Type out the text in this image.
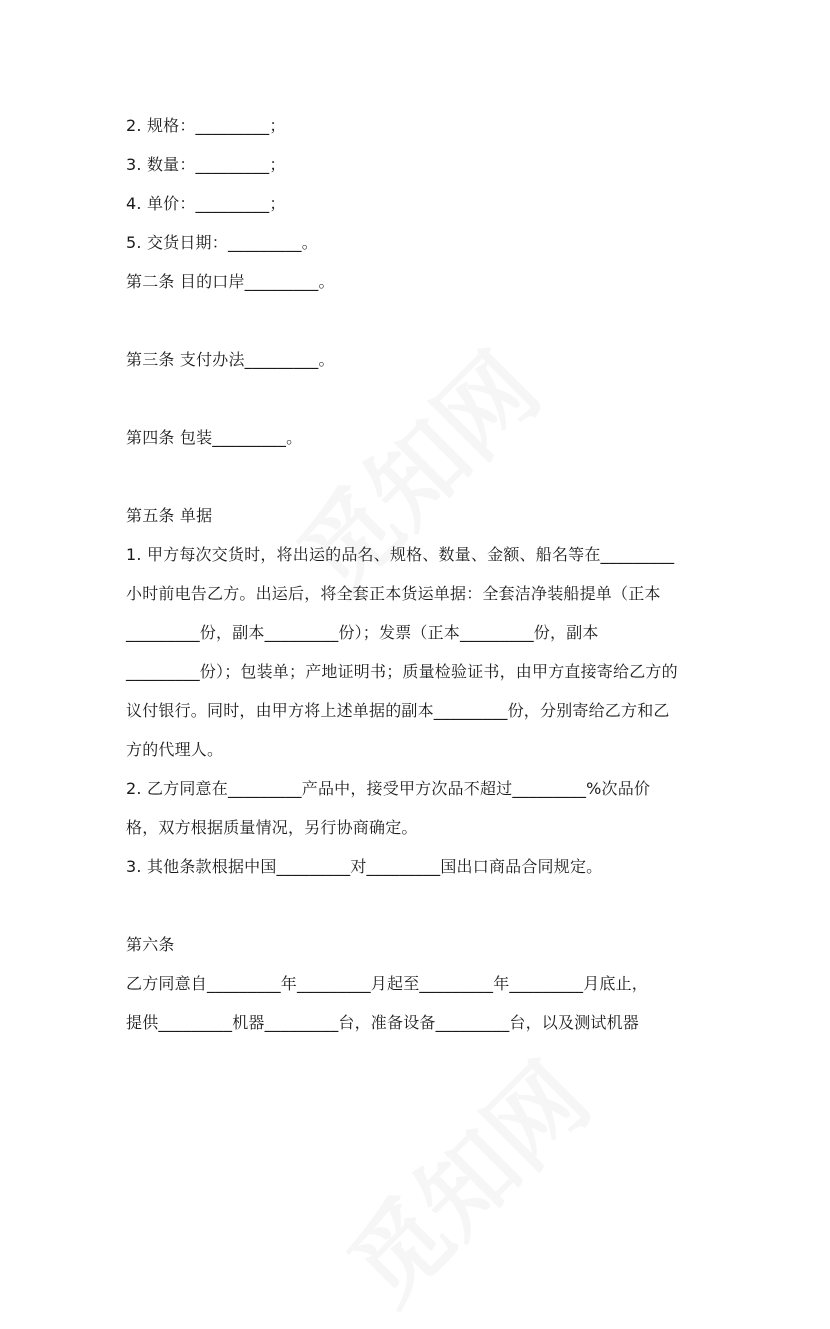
2. 规格：_________；
3. 数量：_________；
4. 单价：_________；
5. 交货日期：_________。
第二条 目的口岸_________。
第三条 支付办法_________。
第四条 包装_________。
第五条 单据
1. 甲方每次交货时，将出运的品名、规格、数量、金额、船名等在_________
小时前电告乙方。出运后，将全套正本货运单据：全套洁净装船提单（正本
_________份，副本_________份）；发票（正本_________份，副本
_________份）；包装单；产地证明书；质量检验证书，由甲方直接寄给乙方的
议付银行。同时，由甲方将上述单据的副本_________份，分别寄给乙方和乙
方的代理人。
2. 乙方同意在_________产品中，接受甲方次品不超过_________%次品价
格，双方根据质量情况，另行协商确定。
3. 其他条款根据中国_________对_________国出口商品合同规定。
第六条
乙方同意自_________年_________月起至_________年_________月底止，
提供_________机器_________台，准备设备_________台，以及测试机器
